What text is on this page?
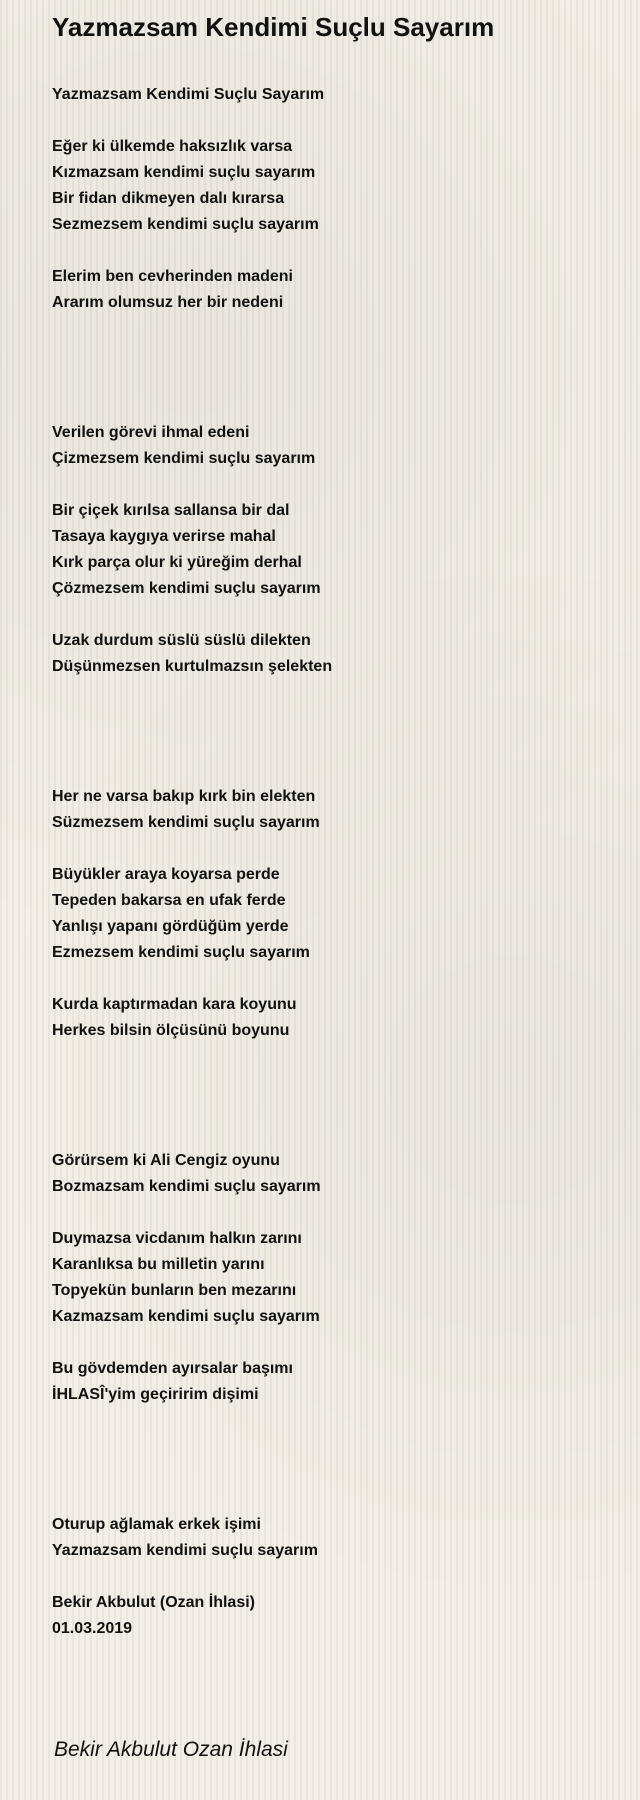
Yazmazsam Kendimi Suçlu Sayarım
Yazmazsam Kendimi Suçlu Sayarım
Eğer ki ülkemde haksızlık varsa
Kızmazsam kendimi suçlu sayarım
Bir fidan dikmeyen dalı kırarsa
Sezmezsem kendimi suçlu sayarım
Elerim ben cevherinden madeni
Ararım olumsuz her bir nedeni
Verilen görevi ihmal edeni
Çizmezsem kendimi suçlu sayarım
Bir çiçek kırılsa sallansa bir dal
Tasaya kaygıya verirse mahal
Kırk parça olur ki yüreğim derhal
Çözmezsem kendimi suçlu sayarım
Uzak durdum süslü süslü dilekten
Düşünmezsen kurtulmazsın şelekten
Her ne varsa bakıp kırk bin elekten
Süzmezsem kendimi suçlu sayarım
Büyükler araya koyarsa perde
Tepeden bakarsa en ufak ferde
Yanlışı yapanı gördüğüm yerde
Ezmezsem kendimi suçlu sayarım
Kurda kaptırmadan kara koyunu
Herkes bilsin ölçüsünü boyunu
Görürsem ki Ali Cengiz oyunu
Bozmazsam kendimi suçlu sayarım
Duymazsa vicdanım halkın zarını
Karanlıksa bu milletin yarını
Topyekün bunların ben mezarını
Kazmazsam kendimi suçlu sayarım
Bu gövdemden ayırsalar başımı
İHLASÎ'yim geçiririm dişimi
Oturup ağlamak erkek işimi
Yazmazsam kendimi suçlu sayarım
Bekir Akbulut (Ozan İhlasi)
01.03.2019
Bekir Akbulut Ozan İhlasi
